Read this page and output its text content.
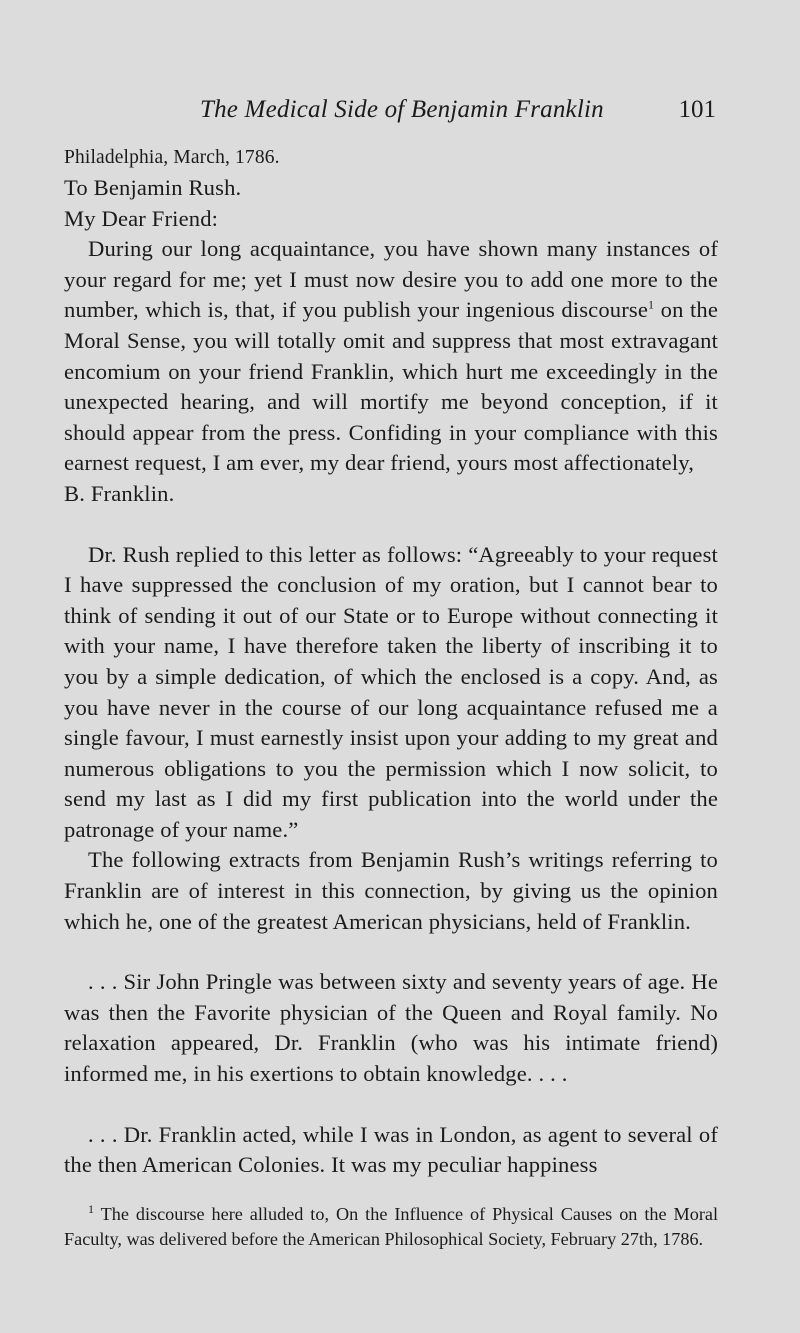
The Medical Side of Benjamin Franklin	101

Philadelphia, March, 1786.

To Benjamin Rush.

My Dear Friend:

During our long acquaintance, you have shown many instances of your regard for me; yet I must now desire you to add one more to the number, which is, that, if you publish your ingenious discourse$^1$ on the Moral Sense, you will totally omit and suppress that most extravagant encomium on your friend Franklin, which hurt me exceedingly in the unexpected hearing, and will mortify me beyond conception, if it should appear from the press. Confiding in your compliance with this earnest request, I am ever, my dear friend, yours most affectionately,

B. Franklin.

Dr. Rush replied to this letter as follows: “Agreeably to your request I have suppressed the conclusion of my oration, but I cannot bear to think of sending it out of our State or to Europe without connecting it with your name, I have therefore taken the liberty of inscribing it to you by a simple dedication, of which the enclosed is a copy. And, as you have never in the course of our long acquaintance refused me a single favour, I must earnestly insist upon your adding to my great and numerous obligations to you the permission which I now solicit, to send my last as I did my first publication into the world under the patronage of your name.”

The following extracts from Benjamin Rush’s writings referring to Franklin are of interest in this connection, by giving us the opinion which he, one of the greatest American physicians, held of Franklin.

. . . Sir John Pringle was between sixty and seventy years of age. He was then the Favorite physician of the Queen and Royal family. No relaxation appeared, Dr. Franklin (who was his intimate friend) informed me, in his exertions to obtain knowledge. . . .

. . . Dr. Franklin acted, while I was in London, as agent to several of the then American Colonies. It was my peculiar happiness

$^1$ The discourse here alluded to, On the Influence of Physical Causes on the Moral Faculty, was delivered before the American Philosophical Society, February 27th, 1786.
